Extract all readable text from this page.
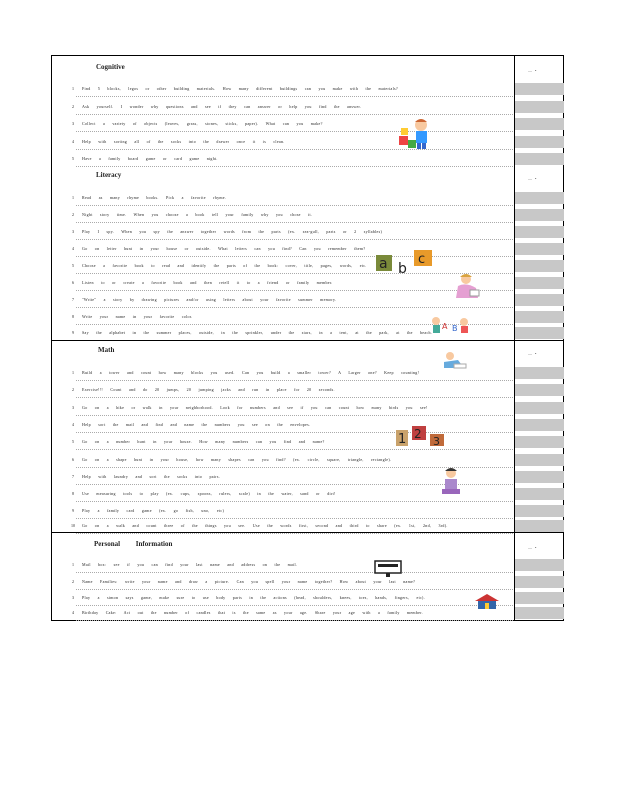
Cognitive	― •
1	Find 5 blocks, legos or other building materials. How many different buildings can you make with the materials?
2	Ask yourself. I wonder why questions and see if they can answer or help you find the answer.
3	Collect a variety of objects (leaves, grass, stones, sticks, paper). What can you make?
4	Help with sorting all of the socks into the drawer once it is clean.
5	Have a family board game or card game night.
Literacy	― •
1	Read as many rhyme books. Pick a favorite rhyme.
2	Night story time. When you choose a book tell your family why you chose it.
3	Play I spy. When you spy the answer together words from the parts (ex. sea-gull, parts or 2 syllables)
4	Go on letter hunt in your house or outside. What letters can you find? Can you remember them?
5	Choose a favorite book to read and identify the parts of the book: cover, title, pages, words, etc.
6	Listen to or create a favorite book and then retell it to a friend or family member.
7	"Write" a story by drawing pictures and/or using letters about your favorite summer memory.
8	Write your name in your favorite color.
9	Say the alphabet in the summer places, outside, in the sprinkler, under the stars, in a tent, at the park, at the beach.
a b
c
A B
Math	― •
1	Build a tower and count how many blocks you used. Can you build a smaller tower? A Larger one? Keep counting!
2	Exercise!!! Count and do 20 jumps, 20 jumping jacks and run in place for 20 seconds.
3	Go on a hike or walk in your neighborhood. Look for numbers and see if you can count how many birds you see!
4	Help sort the mail and find and name the numbers you see on the envelopes.
5	Go on a number hunt in your house. How many numbers can you find and name?
6	Go on a shape hunt in your house, how many shapes can you find? (ex. circle, square, triangle, rectangle).
7	Help with laundry and sort the socks into pairs.
8	Use measuring tools to play (ex. cups, spoons, rulers, scale) in the water, sand or dirt!
9	Play a family card game (ex. go fish, uno, etc)
10	Go on a walk and count three of the things you see. Use the words first, second and third to share (ex. 1st, 2nd, 3rd).
1 2
3
Personal Information	― •
1	Mail box: see if you can find your last name and address on the mail.
2	Name Families: write your name and draw a picture. Can you spell your name together? How about your last name?
3	Play a simon says game, make sure to use body parts in the actions (head, shoulders, knees, toes, hands, fingers, etc).
4	Birthday Cake: Act out the number of candles that is the same as your age. Share your age with a family member.
